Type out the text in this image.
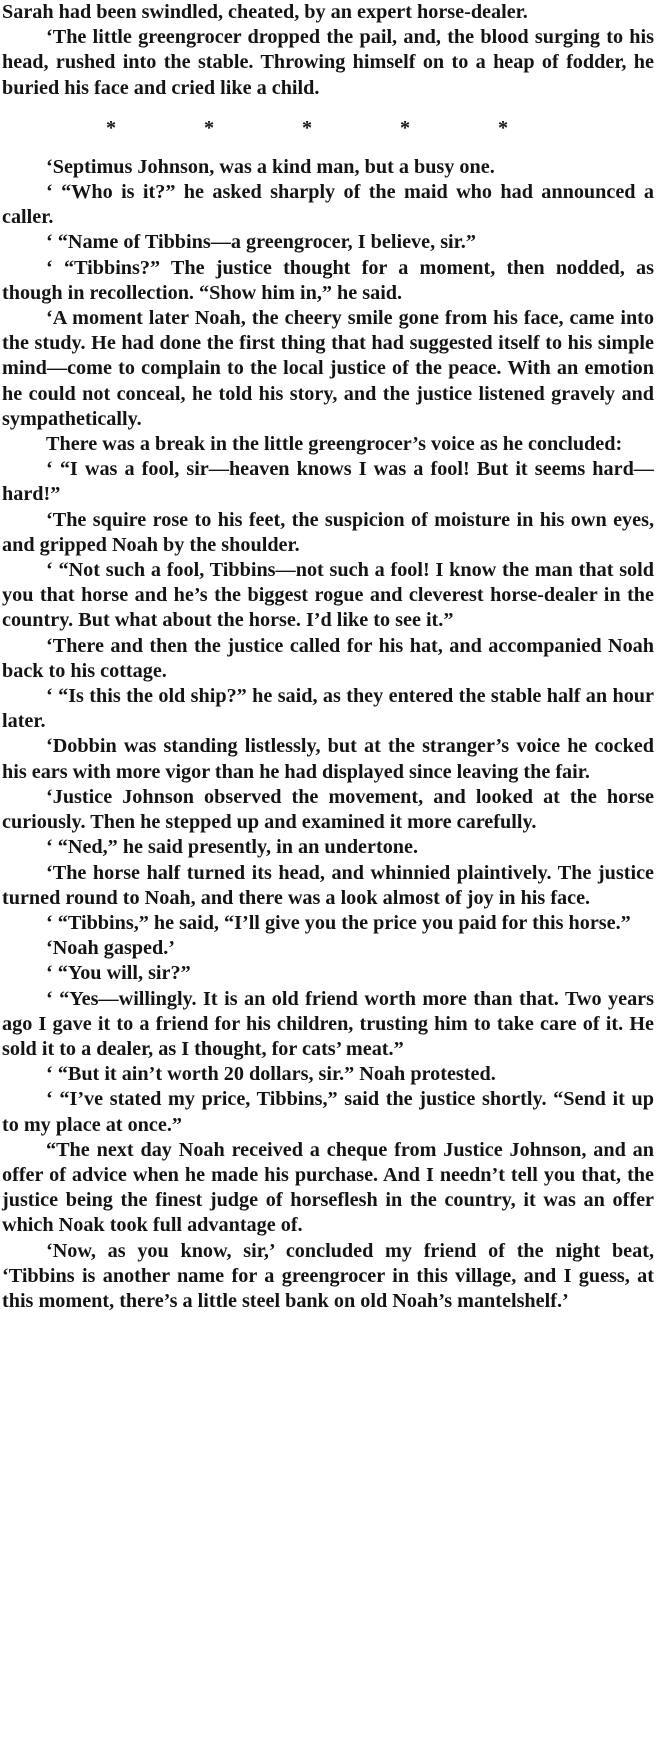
Sarah had been swindled, cheated, by an expert horse-dealer.

‘The little greengrocer dropped the pail, and, the blood surging to his head, rushed into the stable. Throwing himself on to a heap of fodder, he buried his face and cried like a child.

*	*	*	*	*

‘Septimus Johnson, was a kind man, but a busy one.

‘ “Who is it?” he asked sharply of the maid who had announced a caller.

‘ “Name of Tibbins—a greengrocer, I believe, sir.”

‘ “Tibbins?” The justice thought for a moment, then nodded, as though in recollection. “Show him in,” he said.

‘A moment later Noah, the cheery smile gone from his face, came into the study. He had done the first thing that had suggested itself to his simple mind—come to complain to the local justice of the peace. With an emotion he could not conceal, he told his story, and the justice listened gravely and sympathetically.

There was a break in the little greengrocer’s voice as he concluded:

‘ “I was a fool, sir—heaven knows I was a fool! But it seems hard—hard!”

‘The squire rose to his feet, the suspicion of moisture in his own eyes, and gripped Noah by the shoulder.

‘ “Not such a fool, Tibbins—not such a fool! I know the man that sold you that horse and he’s the biggest rogue and cleverest horse-dealer in the country. But what about the horse. I’d like to see it.”

‘There and then the justice called for his hat, and accompanied Noah back to his cottage.

‘ “Is this the old ship?” he said, as they entered the stable half an hour later.

‘Dobbin was standing listlessly, but at the stranger’s voice he cocked his ears with more vigor than he had displayed since leaving the fair.

‘Justice Johnson observed the movement, and looked at the horse curiously. Then he stepped up and examined it more carefully.

‘ “Ned,” he said presently, in an undertone.

‘The horse half turned its head, and whinnied plaintively. The justice turned round to Noah, and there was a look almost of joy in his face.

‘ “Tibbins,” he said, “I’ll give you the price you paid for this horse.”

‘Noah gasped.’

‘ “You will, sir?”

‘ “Yes—willingly. It is an old friend worth more than that. Two years ago I gave it to a friend for his children, trusting him to take care of it. He sold it to a dealer, as I thought, for cats’ meat.”

‘ “But it ain’t worth 20 dollars, sir.” Noah protested.

‘ “I’ve stated my price, Tibbins,” said the justice shortly. “Send it up to my place at once.”

“The next day Noah received a cheque from Justice Johnson, and an offer of advice when he made his purchase. And I needn’t tell you that, the justice being the finest judge of horseflesh in the country, it was an offer which Noak took full advantage of.

‘Now, as you know, sir,’ concluded my friend of the night beat, ‘Tibbins is another name for a greengrocer in this village, and I guess, at this moment, there’s a little steel bank on old Noah’s mantelshelf.’
